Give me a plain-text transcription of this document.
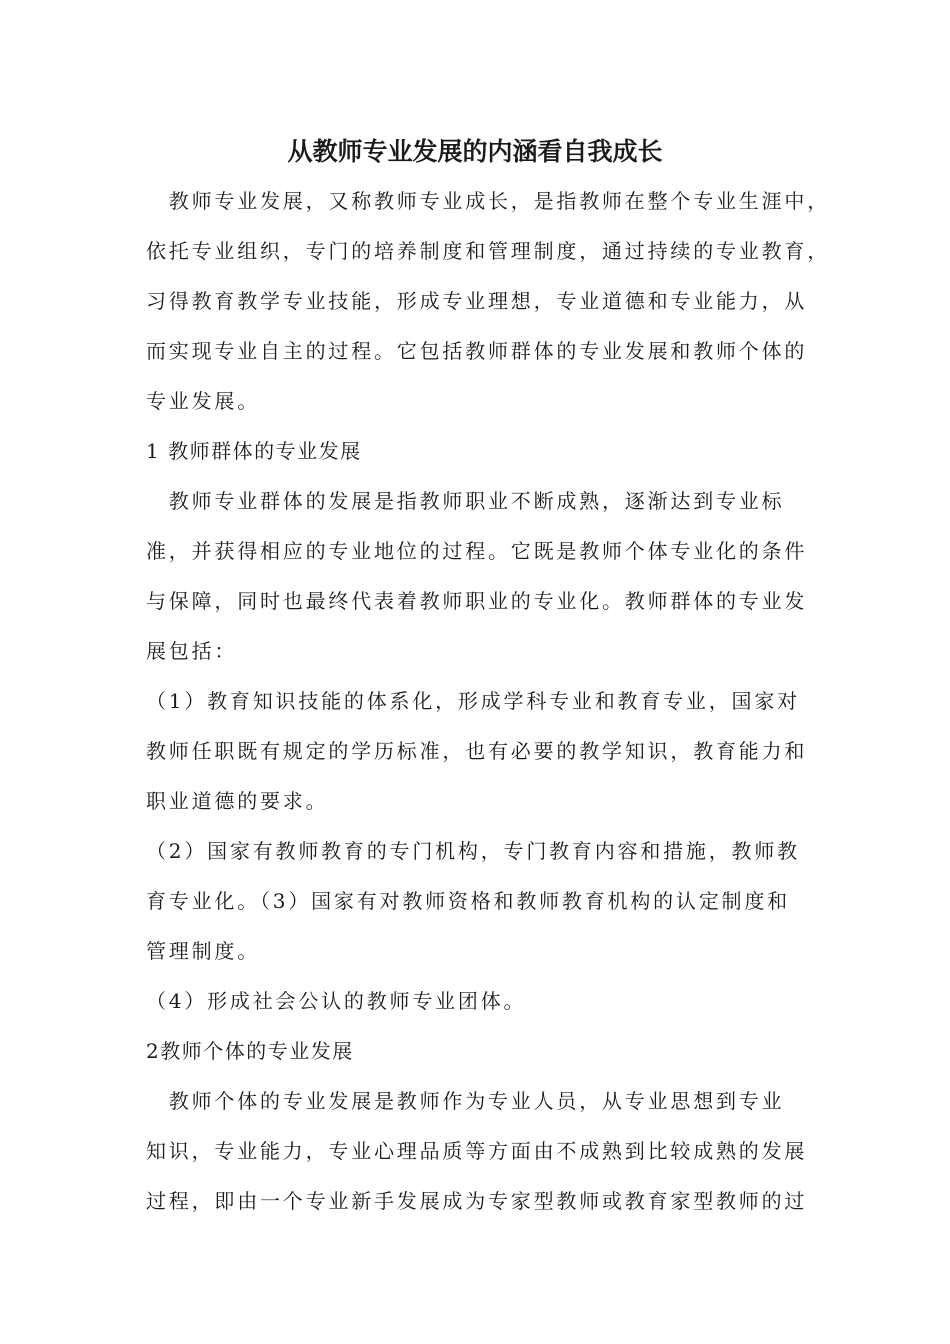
从教师专业发展的内涵看自我成长
　教师专业发展，又称教师专业成长，是指教师在整个专业生涯中，
依托专业组织，专门的培养制度和管理制度，通过持续的专业教育，
习得教育教学专业技能，形成专业理想，专业道德和专业能力，从
而实现专业自主的过程。它包括教师群体的专业发展和教师个体的
专业发展。
1 教师群体的专业发展
　教师专业群体的发展是指教师职业不断成熟，逐渐达到专业标
准，并获得相应的专业地位的过程。它既是教师个体专业化的条件
与保障，同时也最终代表着教师职业的专业化。教师群体的专业发
展包括：
（1）教育知识技能的体系化，形成学科专业和教育专业，国家对
教师任职既有规定的学历标准，也有必要的教学知识，教育能力和
职业道德的要求。
（2）国家有教师教育的专门机构，专门教育内容和措施，教师教
育专业化。（3）国家有对教师资格和教师教育机构的认定制度和
管理制度。
（4）形成社会公认的教师专业团体。
2教师个体的专业发展
　教师个体的专业发展是教师作为专业人员，从专业思想到专业
知识，专业能力，专业心理品质等方面由不成熟到比较成熟的发展
过程，即由一个专业新手发展成为专家型教师或教育家型教师的过
